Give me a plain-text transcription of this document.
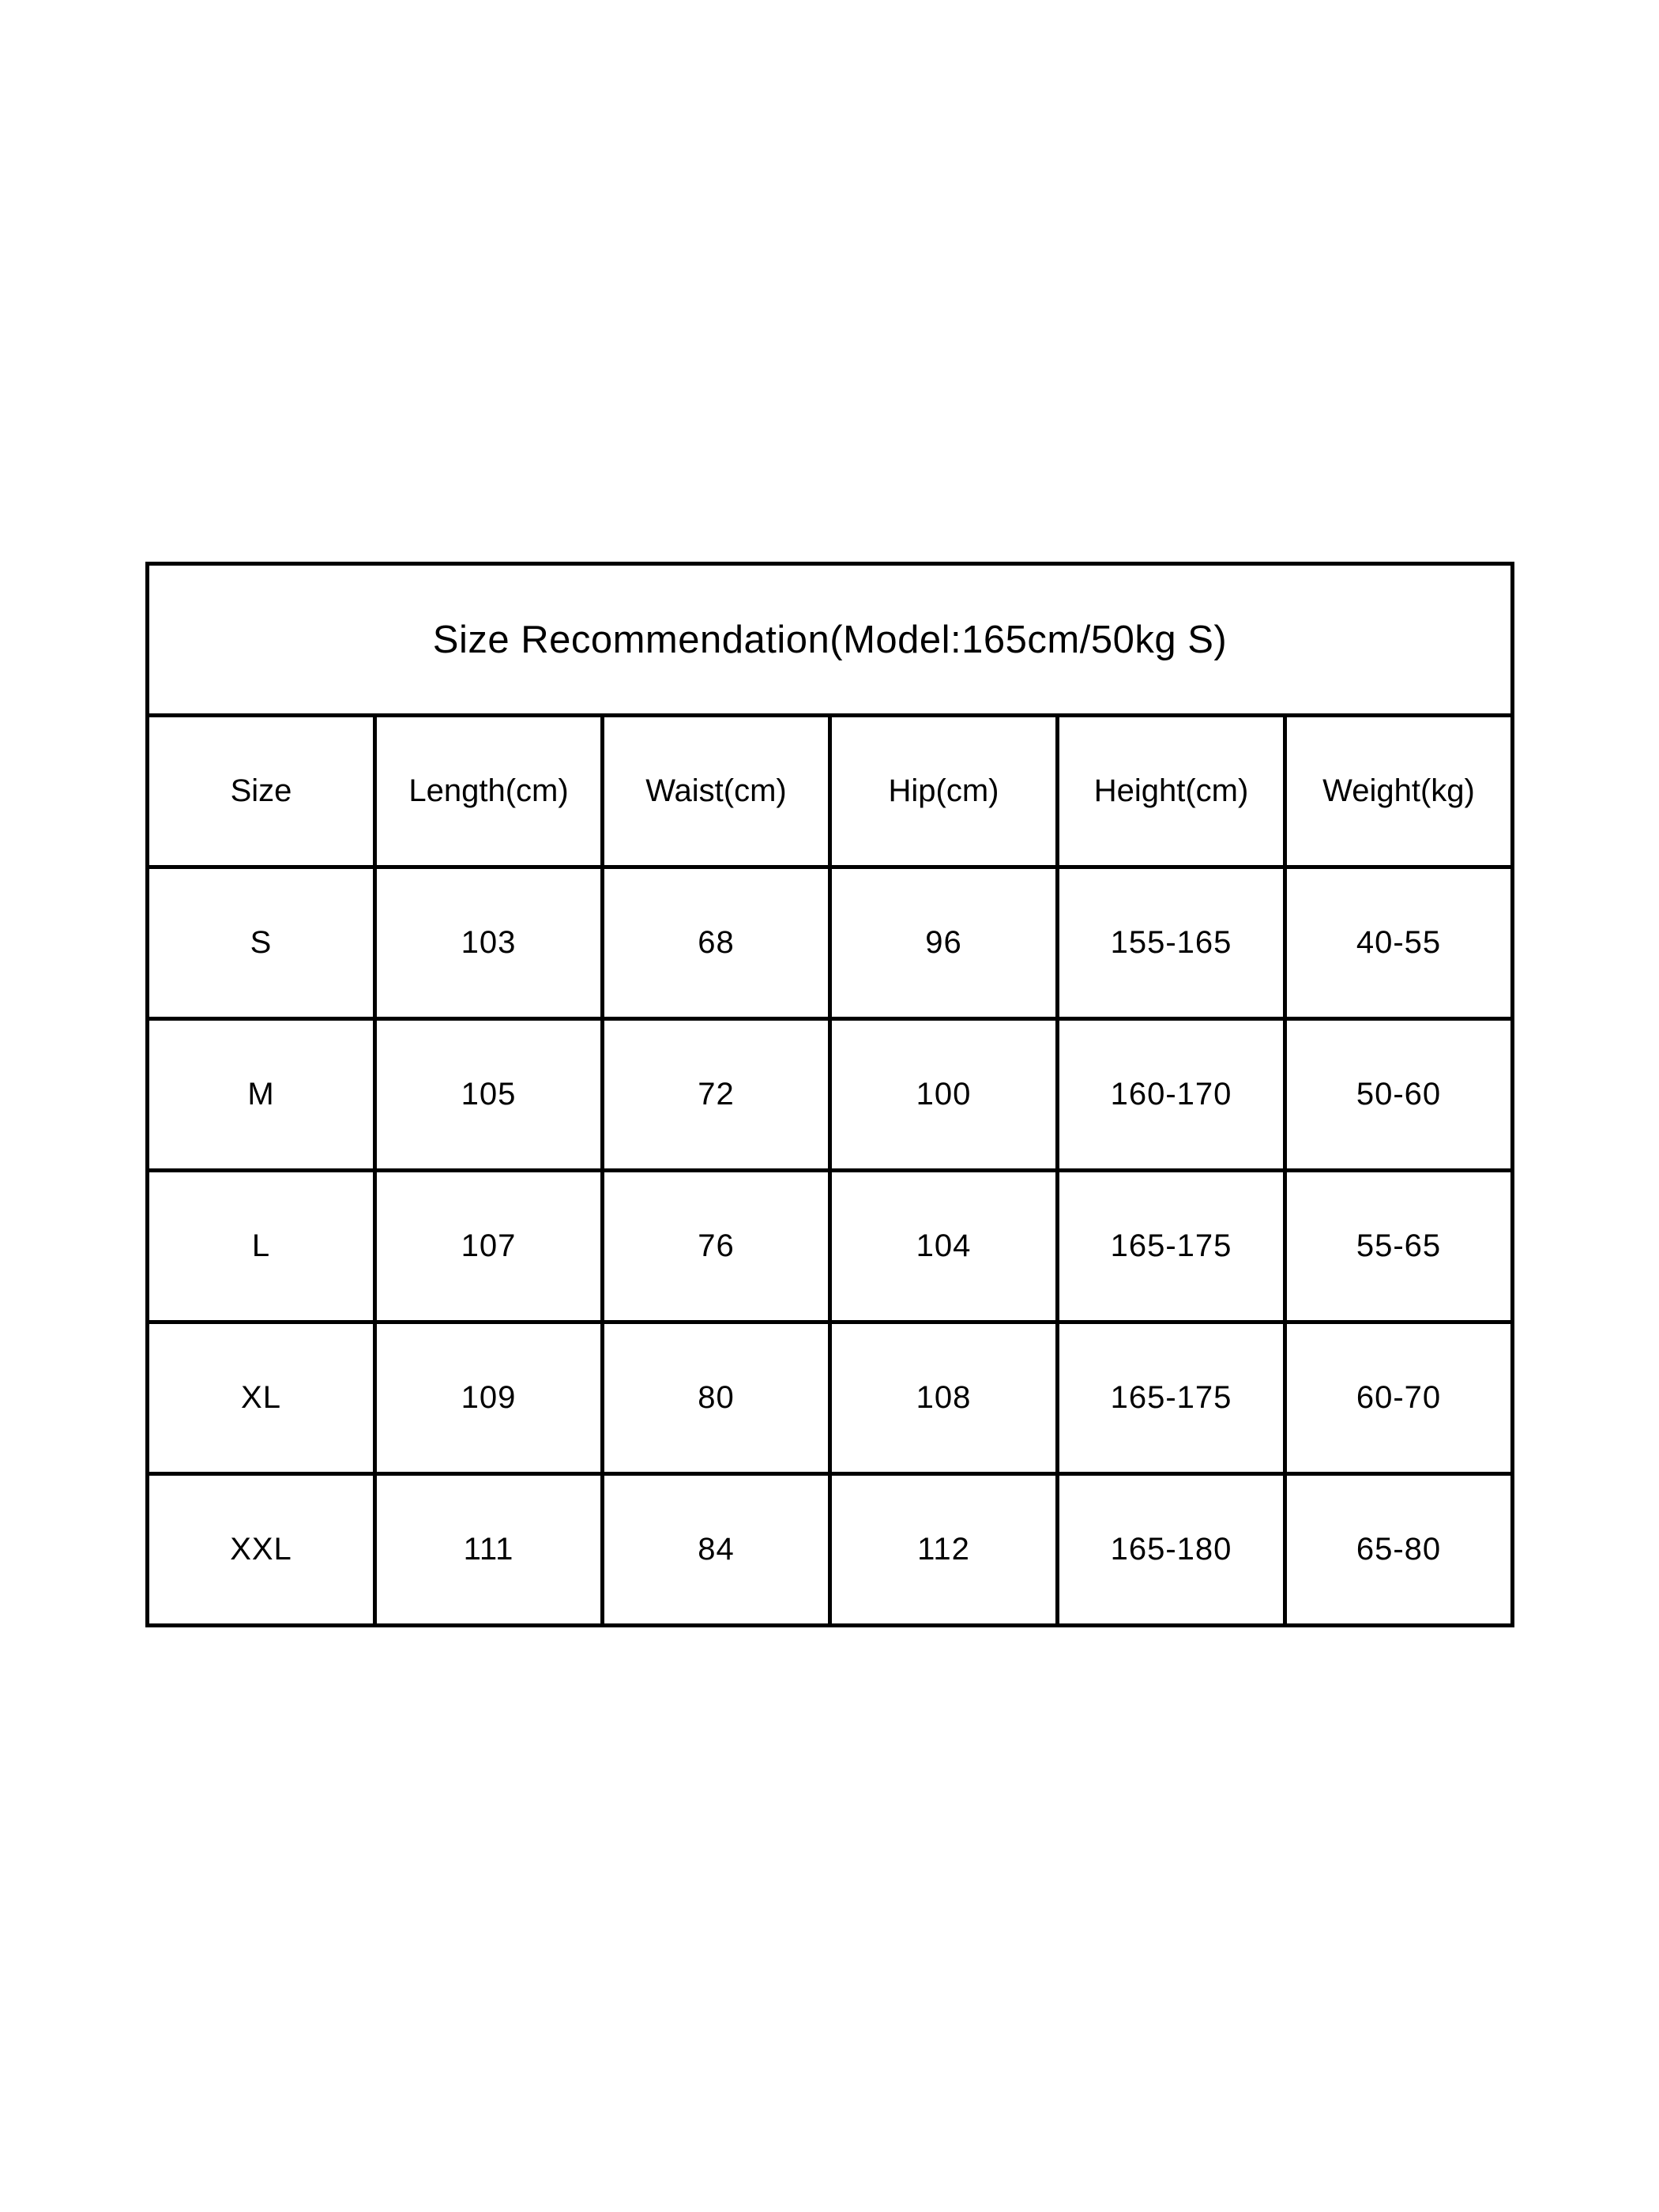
Size Recommendation(Model:165cm/50kg S)					
Size	Length(cm)	Waist(cm)	Hip(cm)	Height(cm)	Weight(kg)
S	103	68	96	155-165	40-55
M	105	72	100	160-170	50-60
L	107	76	104	165-175	55-65
XL	109	80	108	165-175	60-70
XXL	111	84	112	165-180	65-80
